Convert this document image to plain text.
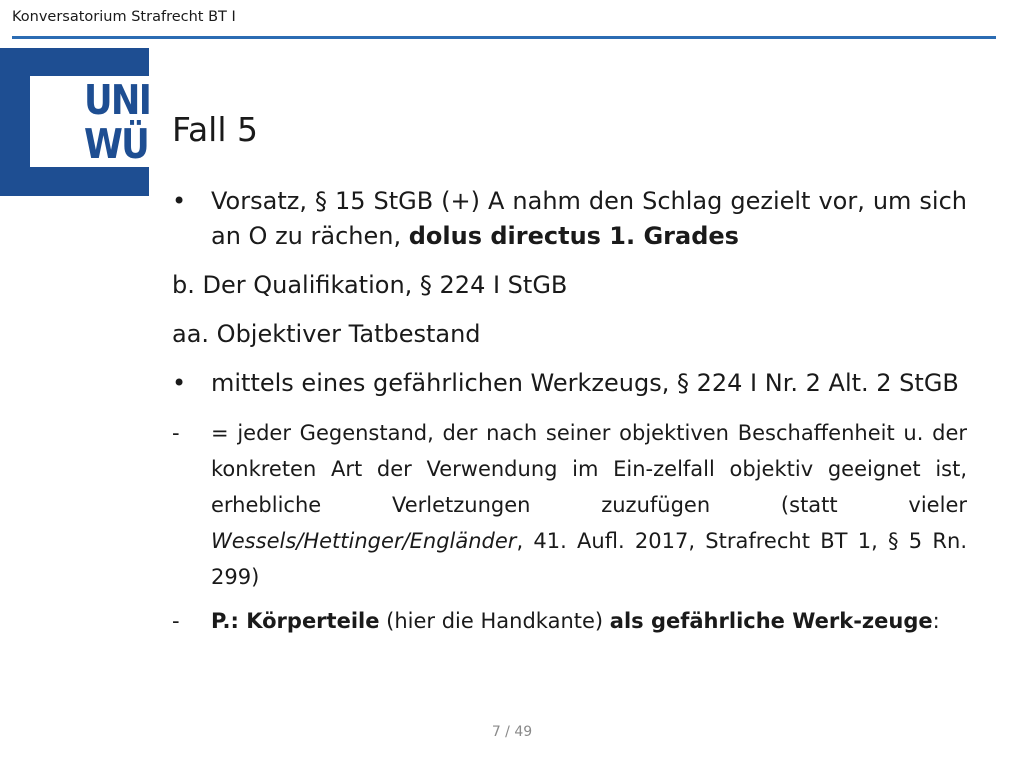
Konversatorium Strafrecht BT I
UNI
WÜ Fall 5
• Vorsatz, § 15 StGB (+) A nahm den Schlag gezielt vor, um sich an O zu rächen, dolus directus 1. Grades
b. Der Qualifikation, § 224 I StGB
aa. Objektiver Tatbestand
• mittels eines gefährlichen Werkzeugs, § 224 I Nr. 2 Alt. 2 StGB
- = jeder Gegenstand, der nach seiner objektiven Beschaffenheit u. der konkreten Art der Verwendung im Ein-zelfall objektiv geeignet ist, erhebliche Verletzungen zuzufügen (statt vieler Wessels/Hettinger/Engländer, 41. Aufl. 2017, Strafrecht BT 1, § 5 Rn. 299)
- P.: Körperteile (hier die Handkante) als gefährliche Werk-zeuge:
7 / 49
